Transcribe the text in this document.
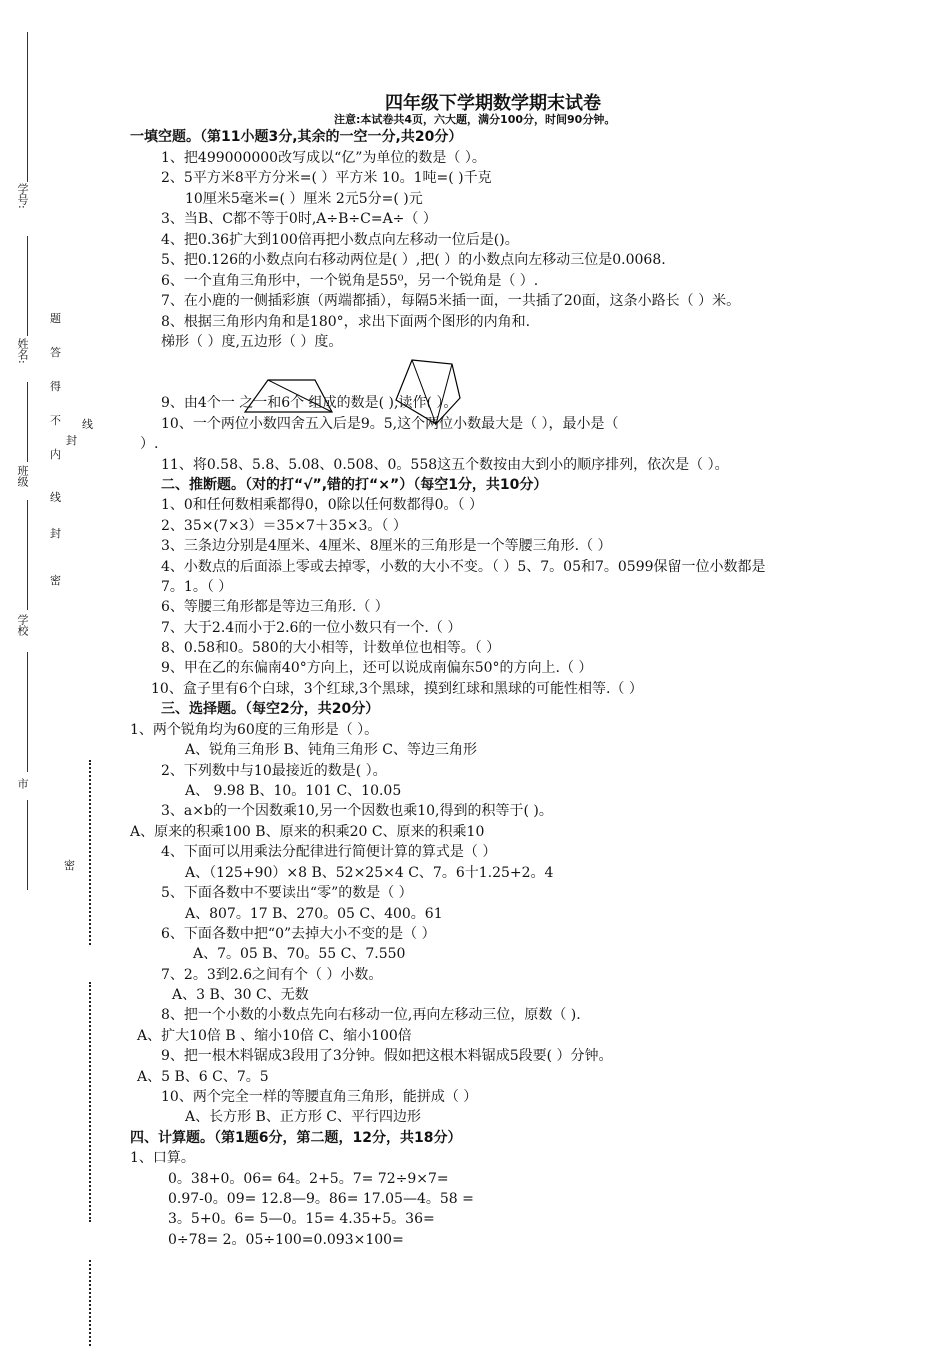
四年级下学期数学期末试卷
注意:本试卷共4页，六大题，满分100分，时间90分钟。
学号:
姓名:
班级
学校
市
题
答
得
不
内
线
封
密
线
封
密
一填空题。（第11小题3分,其余的一空一分,共20分）
1、把499000000改写成以“亿”为单位的数是（ ）。
2、5平方米8平方分米=( ）平方米 10。1吨=( )千克
10厘米5毫米=( ）厘米 2元5分=( )元
3、当B、C都不等于0时,A÷B÷C=A÷（ ）
4、把0.36扩大到100倍再把小数点向左移动一位后是()。
5、把0.126的小数点向右移动两位是( ）,把( ）的小数点向左移动三位是0.0068.
6、一个直角三角形中，一个锐角是55⁰，另一个锐角是（ ）.
7、在小鹿的一侧插彩旗（两端都插），每隔5米插一面，一共插了20面，这条小路长（ ）米。
8、根据三角形内角和是180°，求出下面两个图形的内角和.
梯形（ ）度,五边形（ ）度。
9、由4个一 之一和6个 组成的数是( ),读作( ）。
10、一个两位小数四舍五入后是9。5,这个两位小数最大是（ ），最小是（
）.
11、将0.58、5.8、5.08、0.508、0。558这五个数按由大到小的顺序排列，依次是（ ）。
二、推断题。（对的打“√”,错的打“×”）（每空1分，共10分）
1、0和任何数相乘都得0，0除以任何数都得0。（ ）
2、35×(7×3）＝35×7＋35×3。（ ）
3、三条边分别是4厘米、4厘米、8厘米的三角形是一个等腰三角形.（ ）
4、小数点的后面添上零或去掉零，小数的大小不变。（ ）5、7。05和7。0599保留一位小数都是
7。1。（ ）
6、等腰三角形都是等边三角形.（ ）
7、大于2.4而小于2.6的一位小数只有一个.（ ）
8、0.58和0。580的大小相等，计数单位也相等。（ ）
9、甲在乙的东偏南40°方向上，还可以说成南偏东50°的方向上.（ ）
10、盒子里有6个白球，3个红球,3个黑球，摸到红球和黑球的可能性相等.（ ）
三、选择题。（每空2分，共20分）
1、两个锐角均为60度的三角形是（ ）。
A、锐角三角形 B、钝角三角形 C、等边三角形
2、下列数中与10最接近的数是( ）。
A、 9.98 B、10。101 C、10.05
3、a×b的一个因数乘10,另一个因数也乘10,得到的积等于( )。
A、原来的积乘100 B、原来的积乘20 C、原来的积乘10
4、下面可以用乘法分配律进行简便计算的算式是（ ）
A、（125+90）×8 B、52×25×4 C、7。6十1.25+2。4
5、下面各数中不要读出“零”的数是（ ）
A、807。17 B、270。05 C、400。61
6、下面各数中把“0”去掉大小不变的是（ ）
A、7。05 B、70。55 C、7.550
7、2。3到2.6之间有个（ ）小数。
A、3 B、30 C、无数
8、把一个小数的小数点先向右移动一位,再向左移动三位，原数（ ).
A、扩大10倍 B 、缩小10倍 C、缩小100倍
9、把一根木料锯成3段用了3分钟。假如把这根木料锯成5段要( ）分钟。
A、5 B、6 C、7。5
10、两个完全一样的等腰直角三角形，能拼成（ ）
A、长方形 B、正方形 C、平行四边形
四、计算题。（第1题6分，第二题，12分，共18分）
1、口算。
0。38+0。06= 64。2+5。7= 72÷9×7=
0.97-0。09= 12.8—9。86= 17.05—4。58 =
3。5+0。6= 5—0。15= 4.35+5。36=
0÷78= 2。05÷100=0.093×100=
